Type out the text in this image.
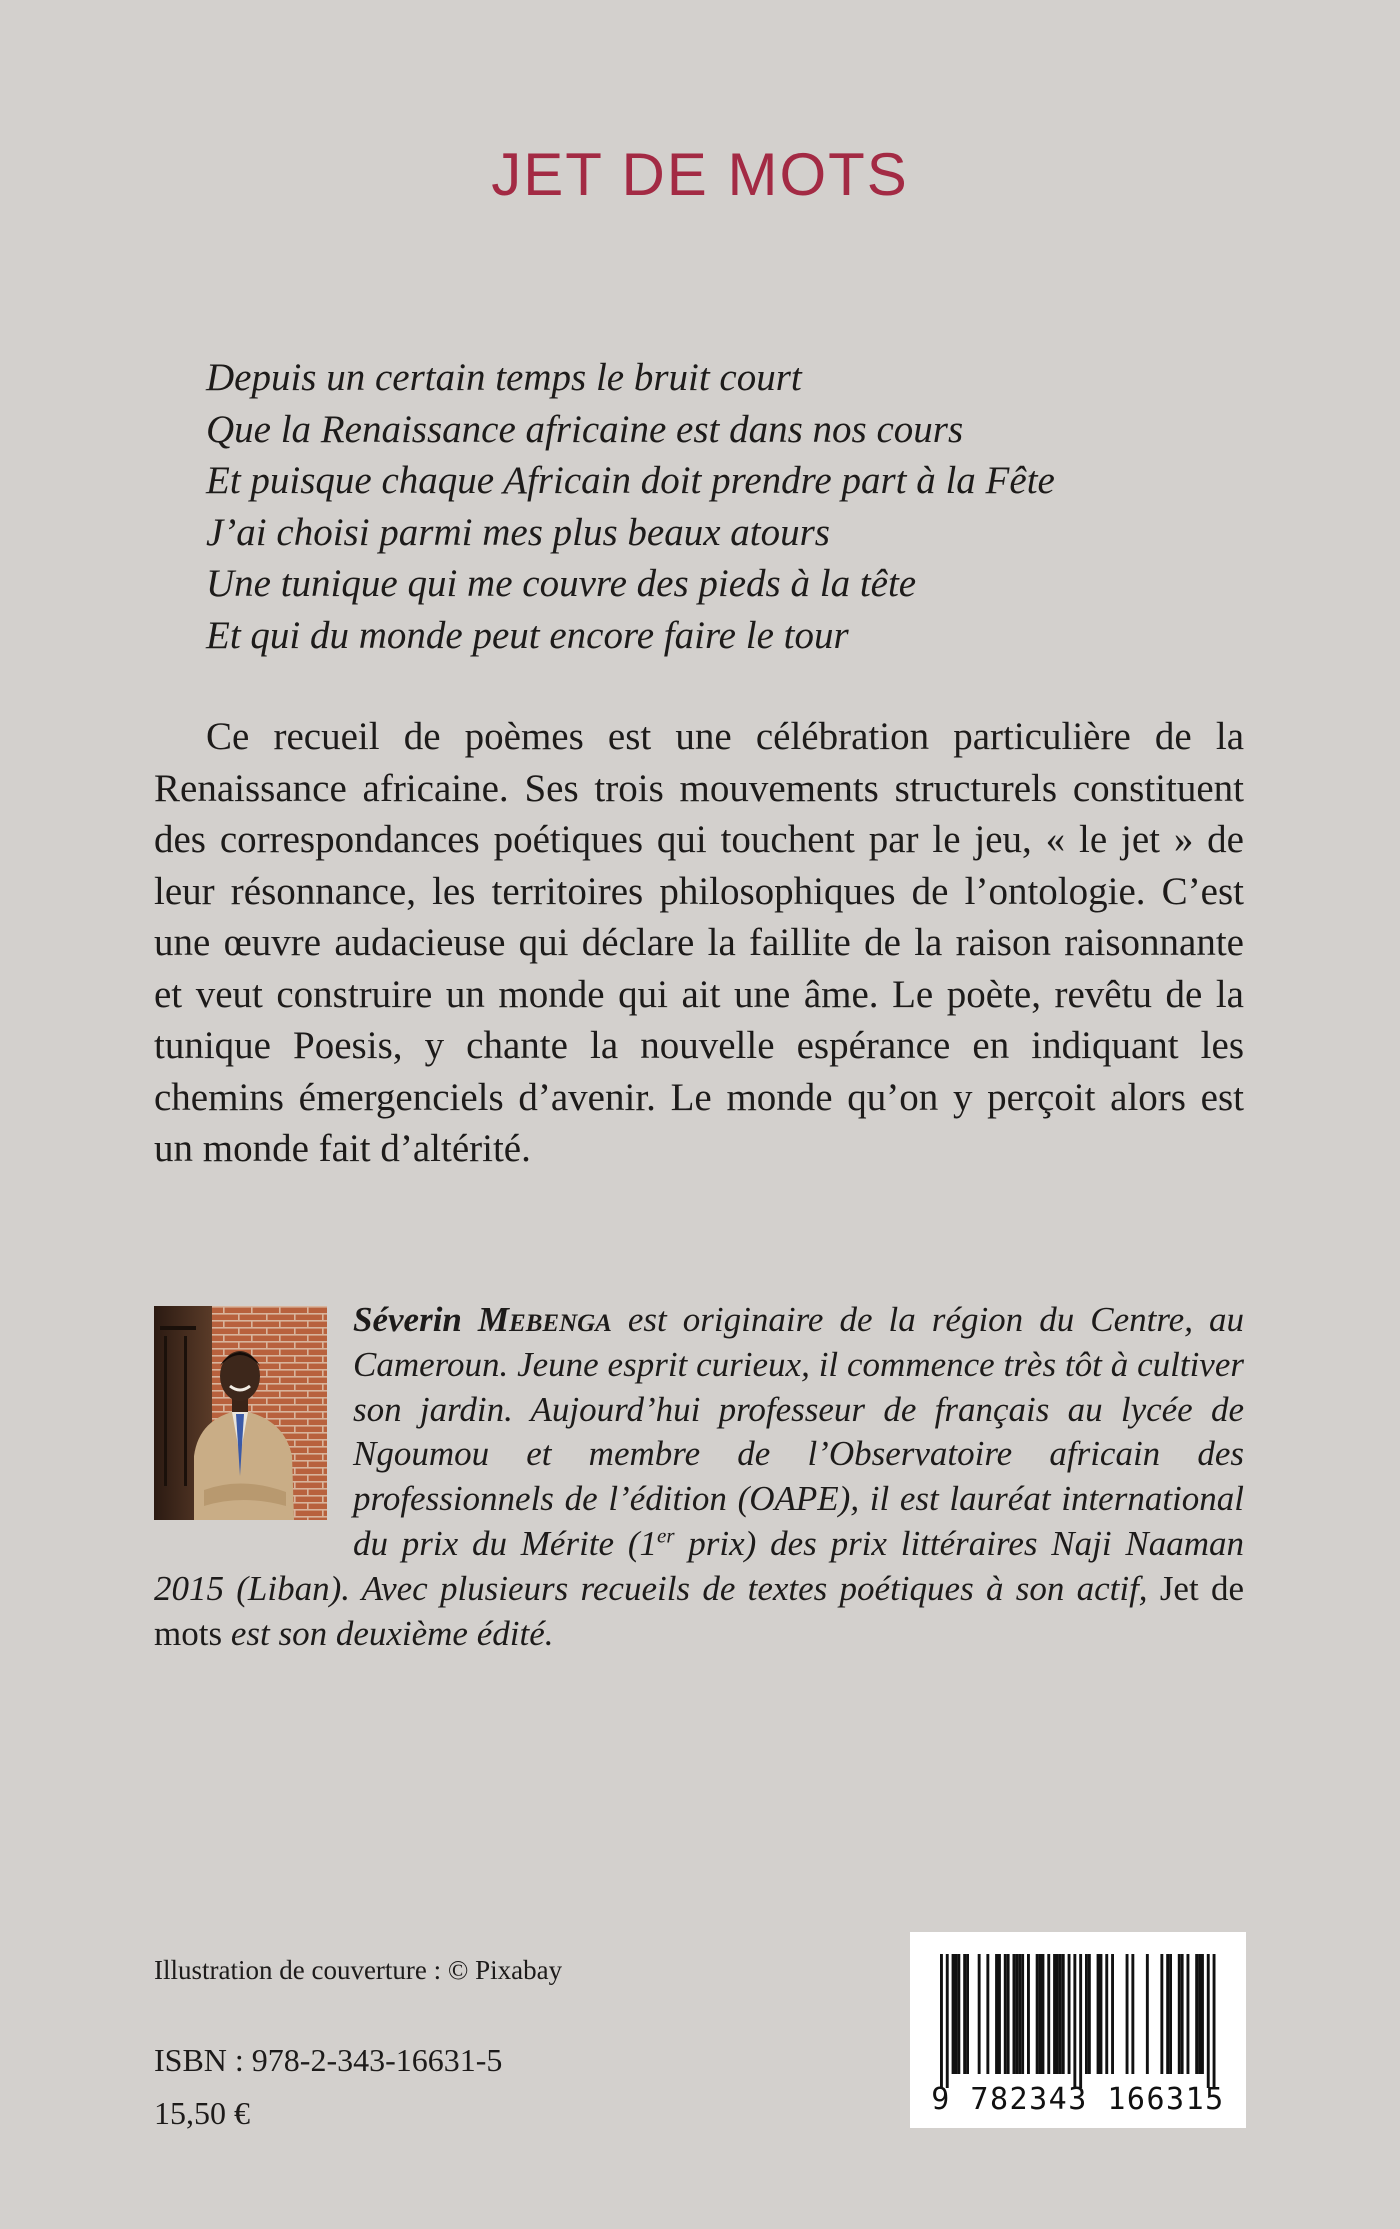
JET DE MOTS
Depuis un certain temps le bruit court
Que la Renaissance africaine est dans nos cours
Et puisque chaque Africain doit prendre part à la Fête
J’ai choisi parmi mes plus beaux atours
Une tunique qui me couvre des pieds à la tête
Et qui du monde peut encore faire le tour

Ce recueil de poèmes est une célébration particulière de la Renaissance africaine. Ses trois mouvements structurels constituent des correspondances poétiques qui touchent par le jeu, « le jet » de leur résonnance, les territoires philosophiques de l’ontologie. C’est une œuvre audacieuse qui déclare la faillite de la raison raisonnante et veut construire un monde qui ait une âme. Le poète, revêtu de la tunique Poesis, y chante la nouvelle espérance en indiquant les chemins émergenciels d’avenir. Le monde qu’on y perçoit alors est un monde fait d’altérité.

Séverin Mebenga est originaire de la région du Centre, au Cameroun. Jeune esprit curieux, il commence très tôt à cultiver son jardin. Aujourd’hui professeur de français au lycée de Ngoumou et membre de l’Observatoire africain des professionnels de l’édition (OAPE), il est lauréat international du prix du Mérite (1er prix) des prix littéraires Naji Naaman 2015 (Liban). Avec plusieurs recueils de textes poétiques à son actif, Jet de mots est son deuxième édité.

Illustration de couverture : © Pixabay

ISBN : 978-2-343-16631-5

15,50 €	9 782343 166315
